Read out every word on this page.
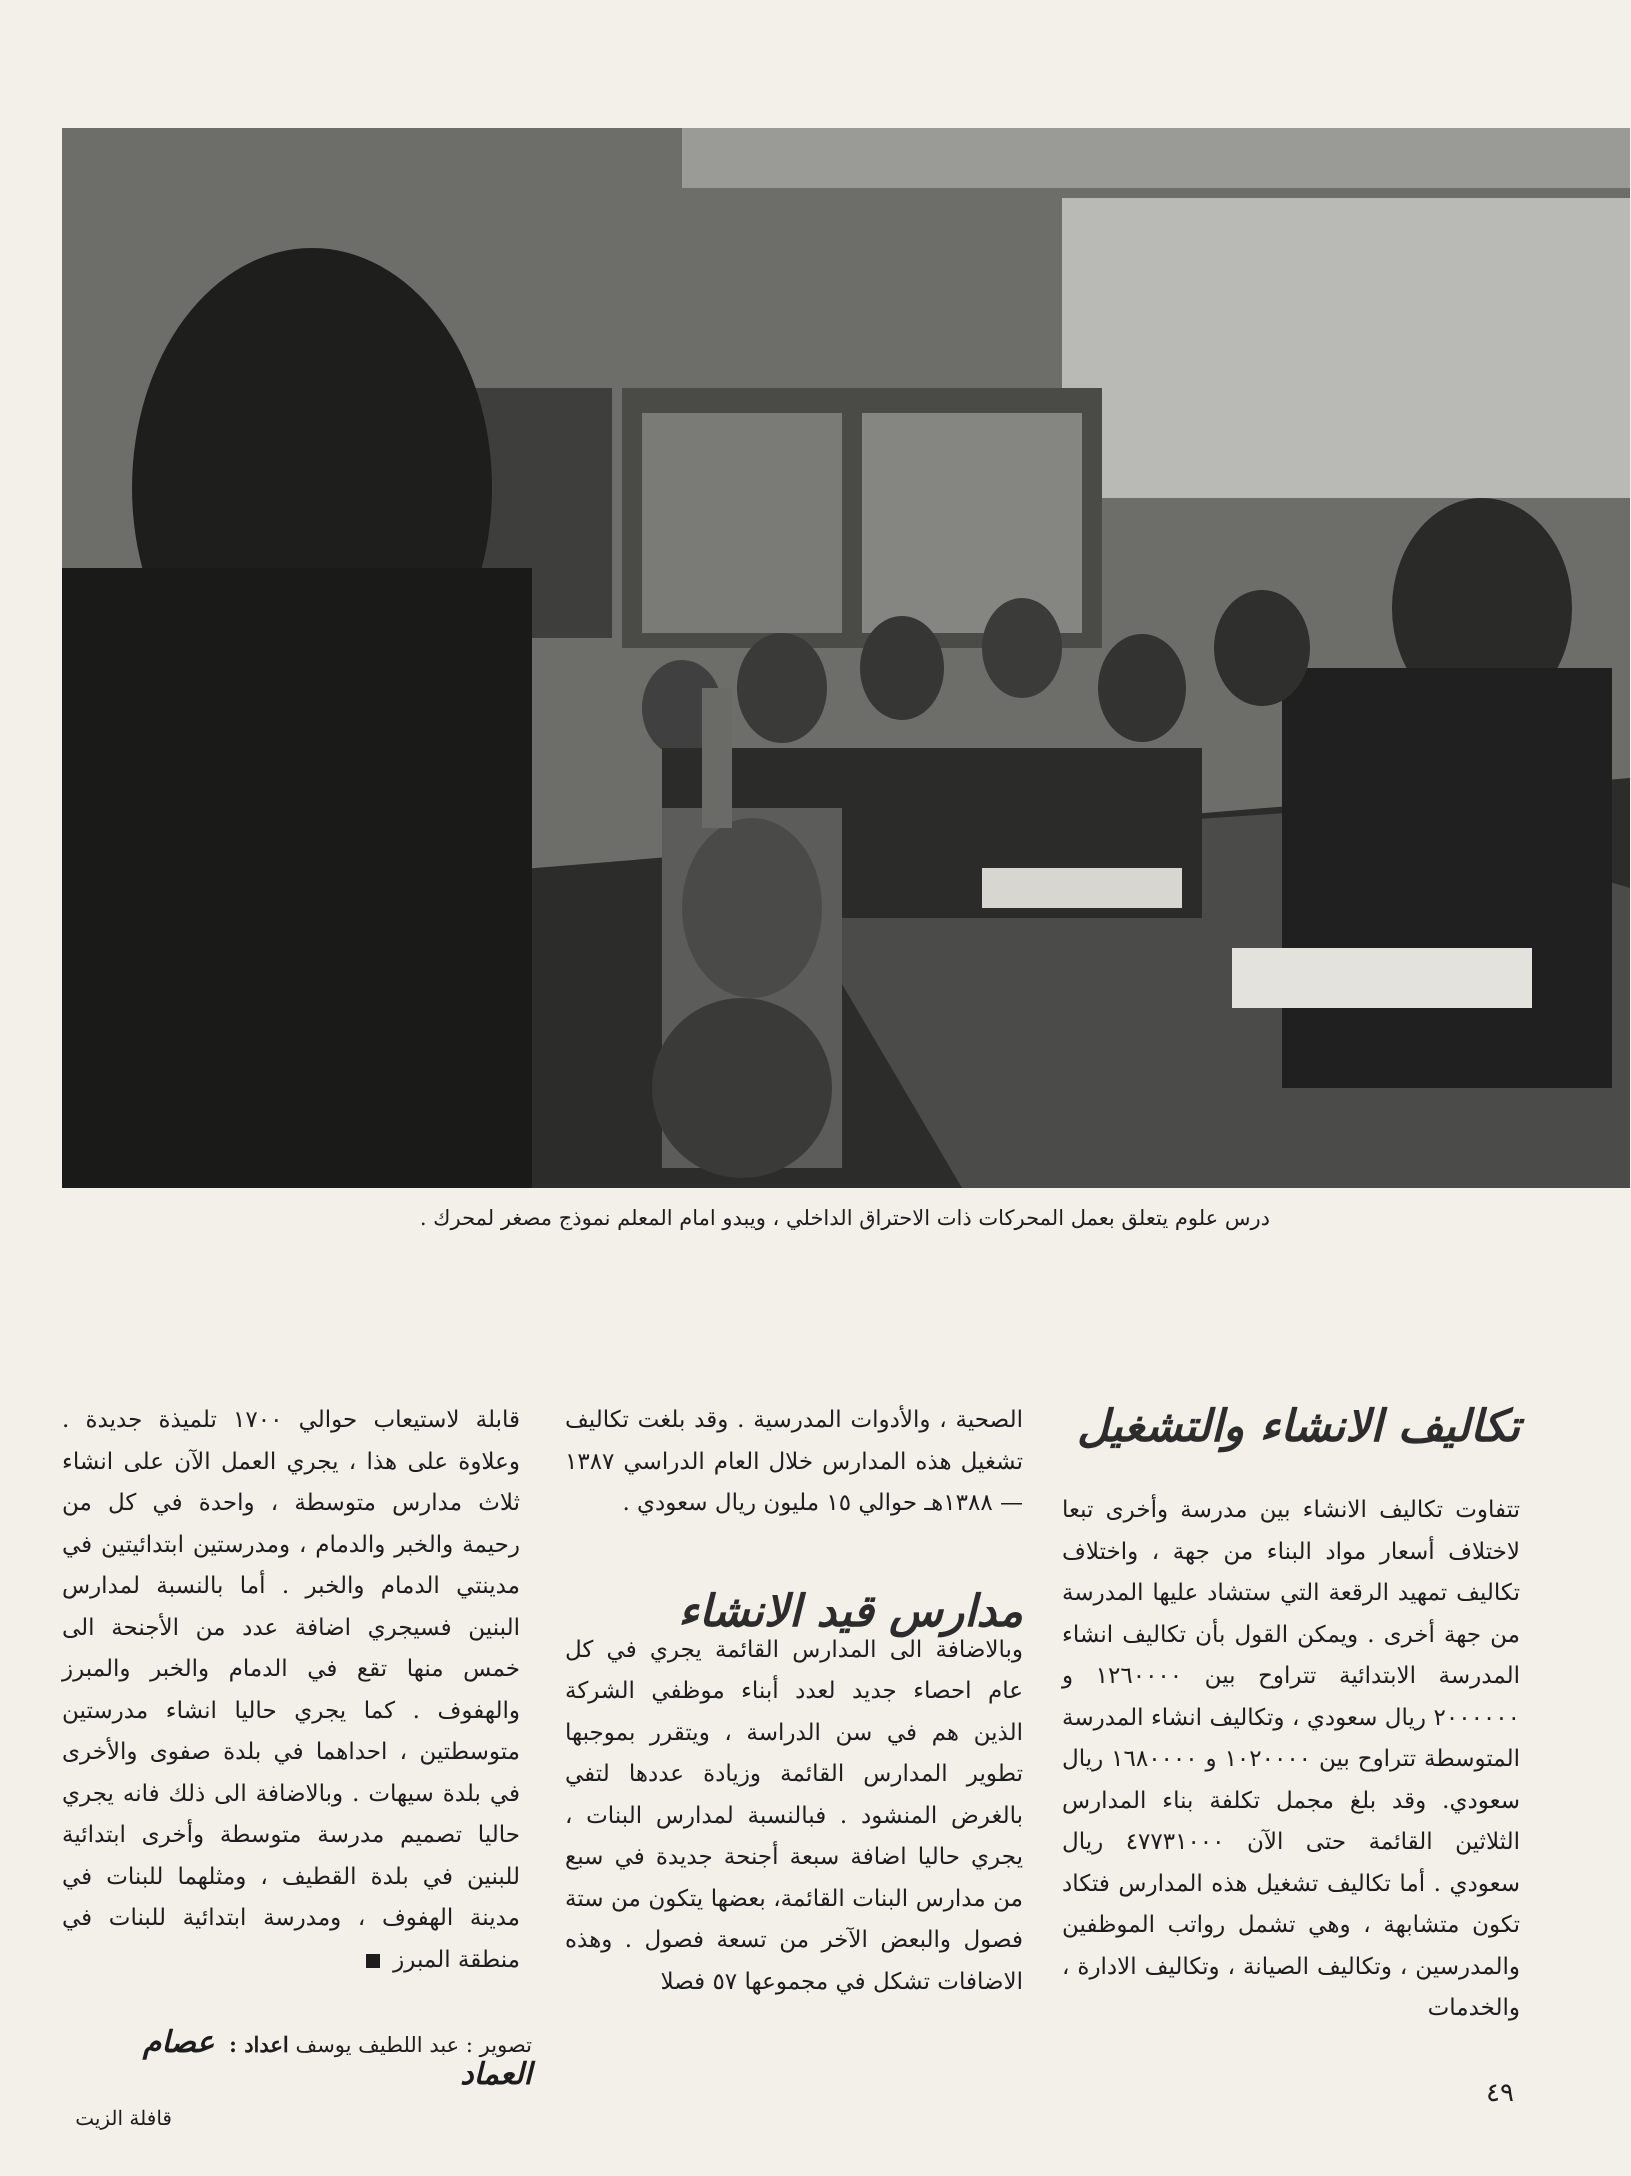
درس علوم يتعلق بعمل المحركات ذات الاحتراق الداخلي ، ويبدو امام المعلم نموذج مصغر لمحرك .
تكاليف الانشاء والتشغيل

تتفاوت تكاليف الانشاء بين مدرسة وأخرى تبعا لاختلاف أسعار مواد البناء من جهة ، واختلاف تكاليف تمهيد الرقعة التي ستشاد عليها المدرسة من جهة أخرى . ويمكن القول بأن تكاليف انشاء المدرسة الابتدائية تتراوح بين ١٢٦٠٠٠٠ و ٢٠٠٠٠٠٠ ريال سعودي ، وتكاليف انشاء المدرسة المتوسطة تتراوح بين ١٠٢٠٠٠٠ و ١٦٨٠٠٠٠ ريال سعودي. وقد بلغ مجمل تكلفة بناء المدارس الثلاثين القائمة حتى الآن ٤٧٧٣١٠٠٠ ريال سعودي . أما تكاليف تشغيل هذه المدارس فتكاد تكون متشابهة ، وهي تشمل رواتب الموظفين والمدرسين ، وتكاليف الصيانة ، وتكاليف الادارة ، والخدمات

الصحية ، والأدوات المدرسية . وقد بلغت تكاليف تشغيل هذه المدارس خلال العام الدراسي ١٣٨٧ — ١٣٨٨هـ حوالي ١٥ مليون ريال سعودي .

وبالاضافة الى المدارس القائمة يجري في كل عام احصاء جديد لعدد أبناء موظفي الشركة الذين هم في سن الدراسة ، ويتقرر بموجبها تطوير المدارس القائمة وزيادة عددها لتفي بالغرض المنشود . فبالنسبة لمدارس البنات ، يجري حاليا اضافة سبعة أجنحة جديدة في سبع من مدارس البنات القائمة، بعضها يتكون من ستة فصول والبعض الآخر من تسعة فصول . وهذه الاضافات تشكل في مجموعها ٥٧ فصلا

مدارس قيد الانشاء

قابلة لاستيعاب حوالي ١٧٠٠ تلميذة جديدة . وعلاوة على هذا ، يجري العمل الآن على انشاء ثلاث مدارس متوسطة ، واحدة في كل من رحيمة والخبر والدمام ، ومدرستين ابتدائيتين في مدينتي الدمام والخبر . أما بالنسبة لمدارس البنين فسيجري اضافة عدد من الأجنحة الى خمس منها تقع في الدمام والخبر والمبرز والهفوف . كما يجري حاليا انشاء مدرستين متوسطتين ، احداهما في بلدة صفوى والأخرى في بلدة سيهات . وبالاضافة الى ذلك فانه يجري حاليا تصميم مدرسة متوسطة وأخرى ابتدائية للبنين في بلدة القطيف ، ومثلهما للبنات في مدينة الهفوف ، ومدرسة ابتدائية للبنات في منطقة المبرز

تصوير : عبد اللطيف يوسف اعداد : عصام العماد
٤٩
قافلة الزيت
